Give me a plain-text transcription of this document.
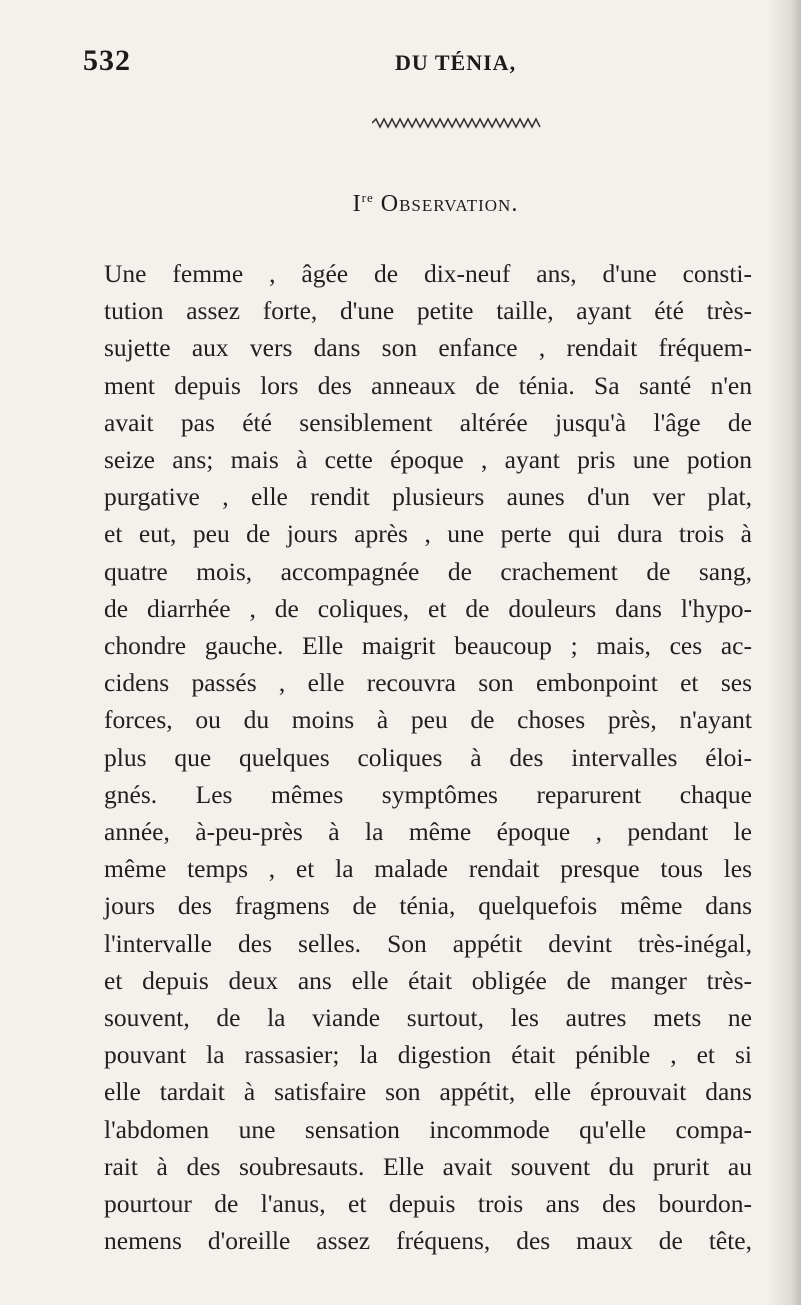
532	DU TÉNIA,
Ire Observation.
Une femme , âgée de dix-neuf ans, d'une consti-
tution assez forte, d'une petite taille, ayant été très-
sujette aux vers dans son enfance , rendait fréquem-
ment depuis lors des anneaux de ténia. Sa santé n'en
avait pas été sensiblement altérée jusqu'à l'âge de
seize ans; mais à cette époque , ayant pris une potion
purgative , elle rendit plusieurs aunes d'un ver plat,
et eut, peu de jours après , une perte qui dura trois à
quatre mois, accompagnée de crachement de sang,
de diarrhée , de coliques, et de douleurs dans l'hypo-
chondre gauche. Elle maigrit beaucoup ; mais, ces ac-
cidens passés , elle recouvra son embonpoint et ses
forces, ou du moins à peu de choses près, n'ayant
plus que quelques coliques à des intervalles éloi-
gnés. Les mêmes symptômes reparurent chaque
année, à-peu-près à la même époque , pendant le
même temps , et la malade rendait presque tous les
jours des fragmens de ténia, quelquefois même dans
l'intervalle des selles. Son appétit devint très-inégal,
et depuis deux ans elle était obligée de manger très-
souvent, de la viande surtout, les autres mets ne
pouvant la rassasier; la digestion était pénible , et si
elle tardait à satisfaire son appétit, elle éprouvait dans
l'abdomen une sensation incommode qu'elle compa-
rait à des soubresauts. Elle avait souvent du prurit au
pourtour de l'anus, et depuis trois ans des bourdon-
nemens d'oreille assez fréquens, des maux de tête,
